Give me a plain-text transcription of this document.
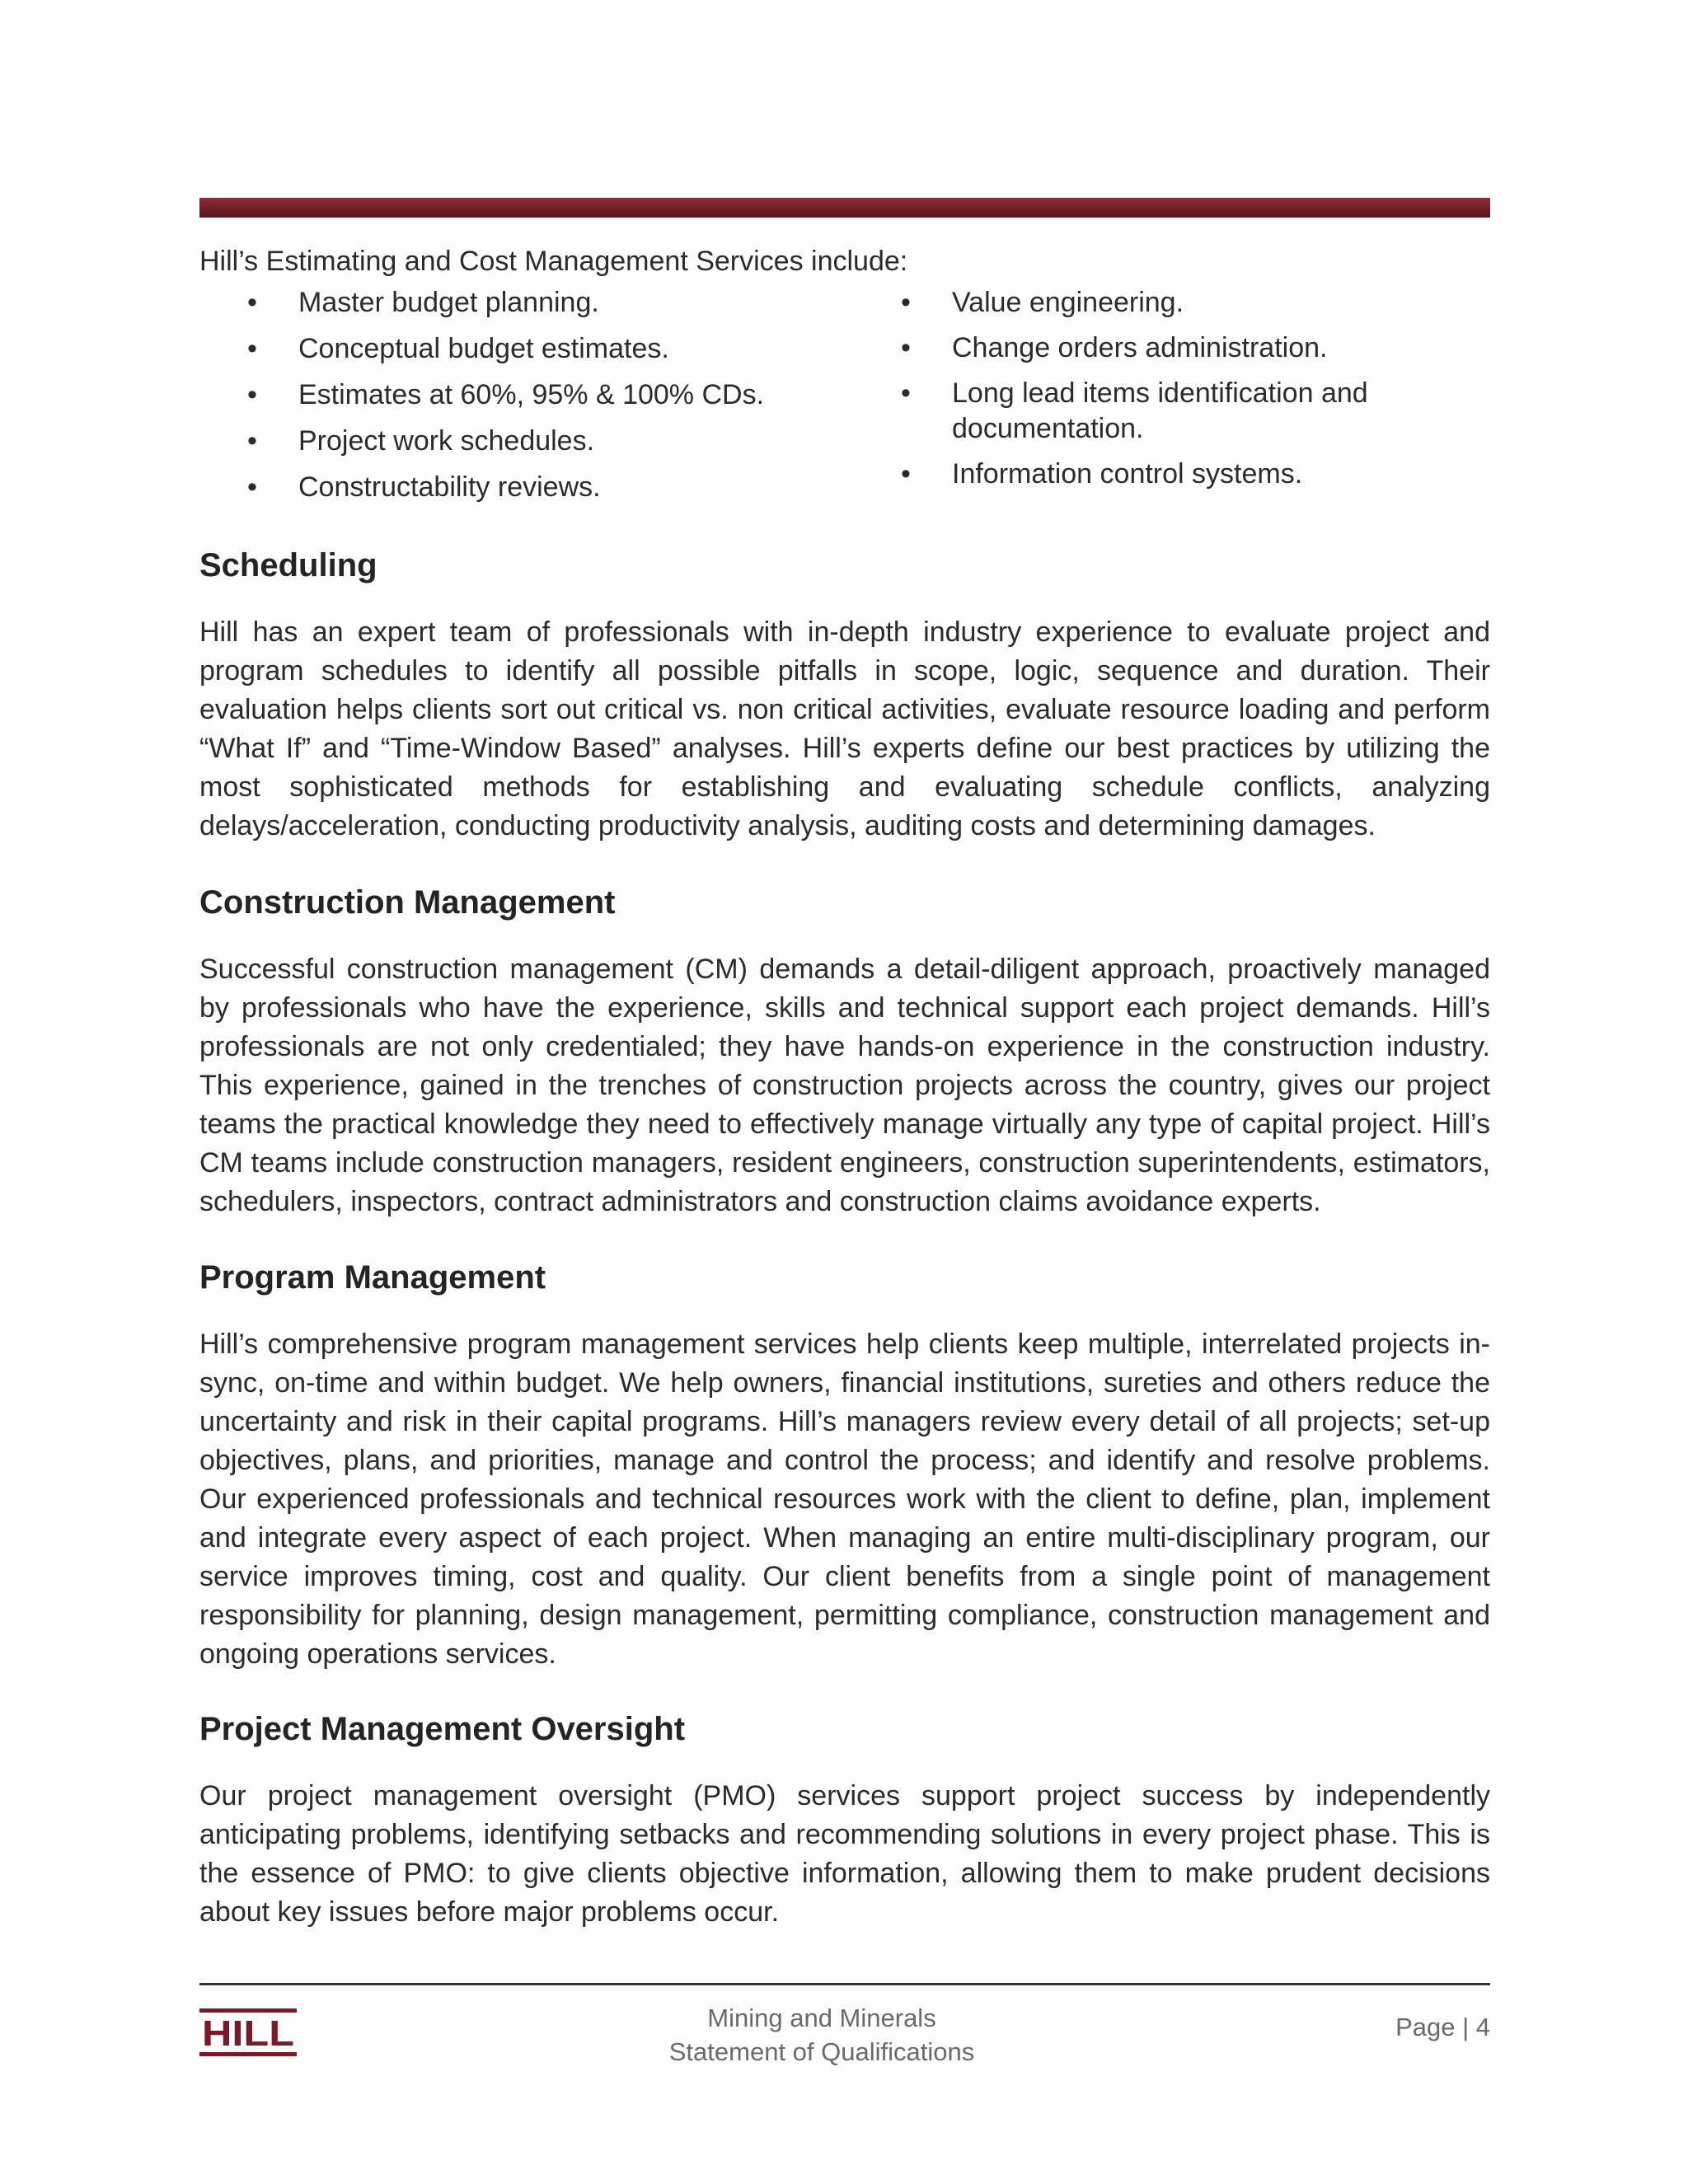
Hill’s Estimating and Cost Management Services include:
• Master budget planning.
• Conceptual budget estimates.
• Estimates at 60%, 95% & 100% CDs.
• Project work schedules.
• Constructability reviews.
• Value engineering.
• Change orders administration.
• Long lead items identification and documentation.
• Information control systems.
Scheduling

Hill has an expert team of professionals with in-depth industry experience to evaluate project and program schedules to identify all possible pitfalls in scope, logic, sequence and duration. Their evaluation helps clients sort out critical vs. non critical activities, evaluate resource loading and perform “What If” and “Time-Window Based” analyses. Hill’s experts define our best practices by utilizing the most sophisticated methods for establishing and evaluating schedule conflicts, analyzing delays/acceleration, conducting productivity analysis, auditing costs and determining damages.

Construction Management

Successful construction management (CM) demands a detail-diligent approach, proactively managed by professionals who have the experience, skills and technical support each project demands. Hill’s professionals are not only credentialed; they have hands-on experience in the construction industry. This experience, gained in the trenches of construction projects across the country, gives our project teams the practical knowledge they need to effectively manage virtually any type of capital project. Hill’s CM teams include construction managers, resident engineers, construction superintendents, estimators, schedulers, inspectors, contract administrators and construction claims avoidance experts.

Program Management

Hill’s comprehensive program management services help clients keep multiple, interrelated projects in-sync, on-time and within budget. We help owners, financial institutions, sureties and others reduce the uncertainty and risk in their capital programs. Hill’s managers review every detail of all projects; set-up objectives, plans, and priorities, manage and control the process; and identify and resolve problems. Our experienced professionals and technical resources work with the client to define, plan, implement and integrate every aspect of each project. When managing an entire multi-disciplinary program, our service improves timing, cost and quality. Our client benefits from a single point of management responsibility for planning, design management, permitting compliance, construction management and ongoing operations services.

Project Management Oversight

Our project management oversight (PMO) services support project success by independently anticipating problems, identifying setbacks and recommending solutions in every project phase. This is the essence of PMO: to give clients objective information, allowing them to make prudent decisions about key issues before major problems occur.

HILL	Mining and Minerals
Statement of Qualifications
Page | 4
